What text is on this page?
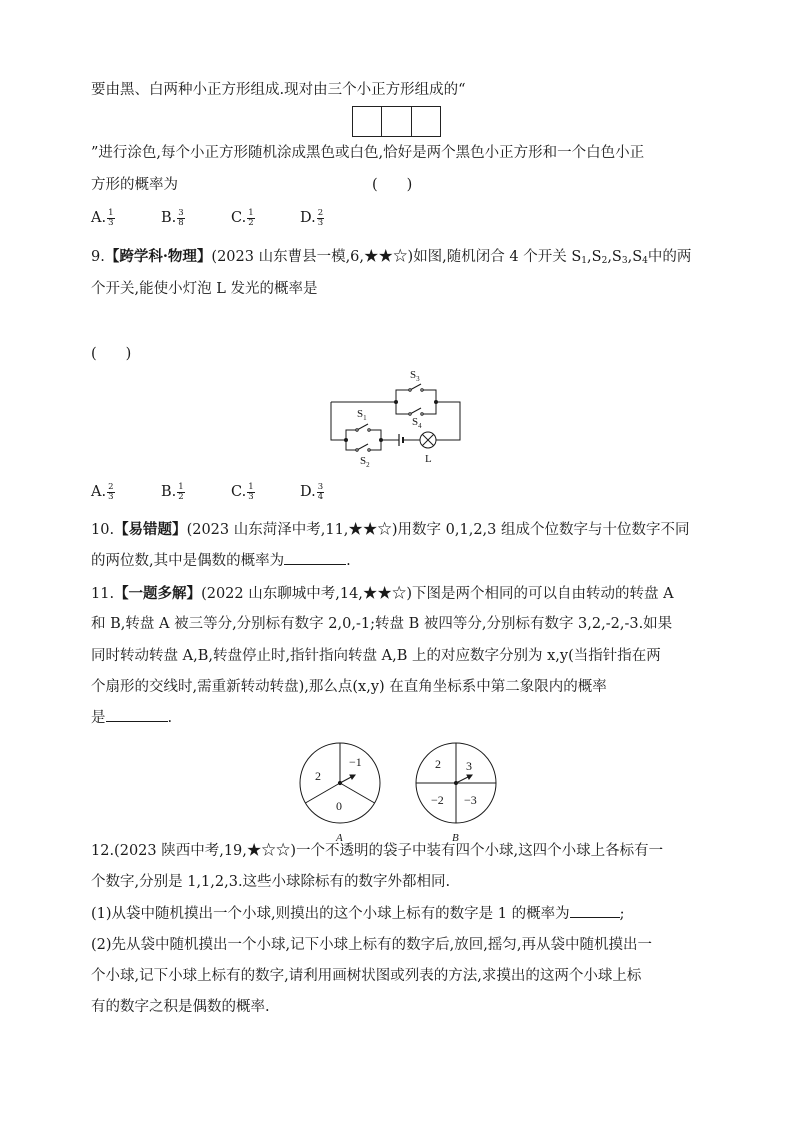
要由黑、白两种小正方形组成.现对由三个小正方形组成的“
”进行涂色,每个小正方形随机涂成黑色或白色,恰好是两个黑色小正方形和一个白色小正
方形的概率为	(　　)
A. $\frac{1}{3}$	B. $\frac{3}{8}$	C. $\frac{1}{2}$	D. $\frac{2}{3}$
9.【跨学科·物理】(2023 山东曹县一模,6,★★☆)如图,随机闭合 4 个开关 $S_1,S_2,S_3,S_4$中的两
个开关,能使小灯泡 L 发光的概率是
(　　)
$S_3$
$S_4$
$S_1$
$S_2$	L
A. $\frac{2}{3}$	B. $\frac{1}{2}$	C. $\frac{1}{3}$	D. $\frac{3}{4}$
10.【易错题】(2023 山东菏泽中考,11,★★☆)用数字 0,1,2,3 组成个位数字与十位数字不同
的两位数,其中是偶数的概率为	.
11.【一题多解】(2022 山东聊城中考,14,★★☆)下图是两个相同的可以自由转动的转盘 A
和 B,转盘 A 被三等分,分别标有数字 2,0,-1;转盘 B 被四等分,分别标有数字 3,2,-2,-3.如果
同时转动转盘 A,B,转盘停止时,指针指向转盘 A,B 上的对应数字分别为 x,y(当指针指在两
个扇形的交线时,需重新转动转盘),那么点(x,y) 在直角坐标系中第二象限内的概率
是	.
2
−1
0
A
2 3
−2 −3
B
12.(2023 陕西中考,19,★☆☆)一个不透明的袋子中装有四个小球,这四个小球上各标有一
个数字,分别是 1,1,2,3.这些小球除标有的数字外都相同.
(1)从袋中随机摸出一个小球,则摸出的这个小球上标有的数字是 1 的概率为	;
(2)先从袋中随机摸出一个小球,记下小球上标有的数字后,放回,摇匀,再从袋中随机摸出一
个小球,记下小球上标有的数字,请利用画树状图或列表的方法,求摸出的这两个小球上标
有的数字之积是偶数的概率.
